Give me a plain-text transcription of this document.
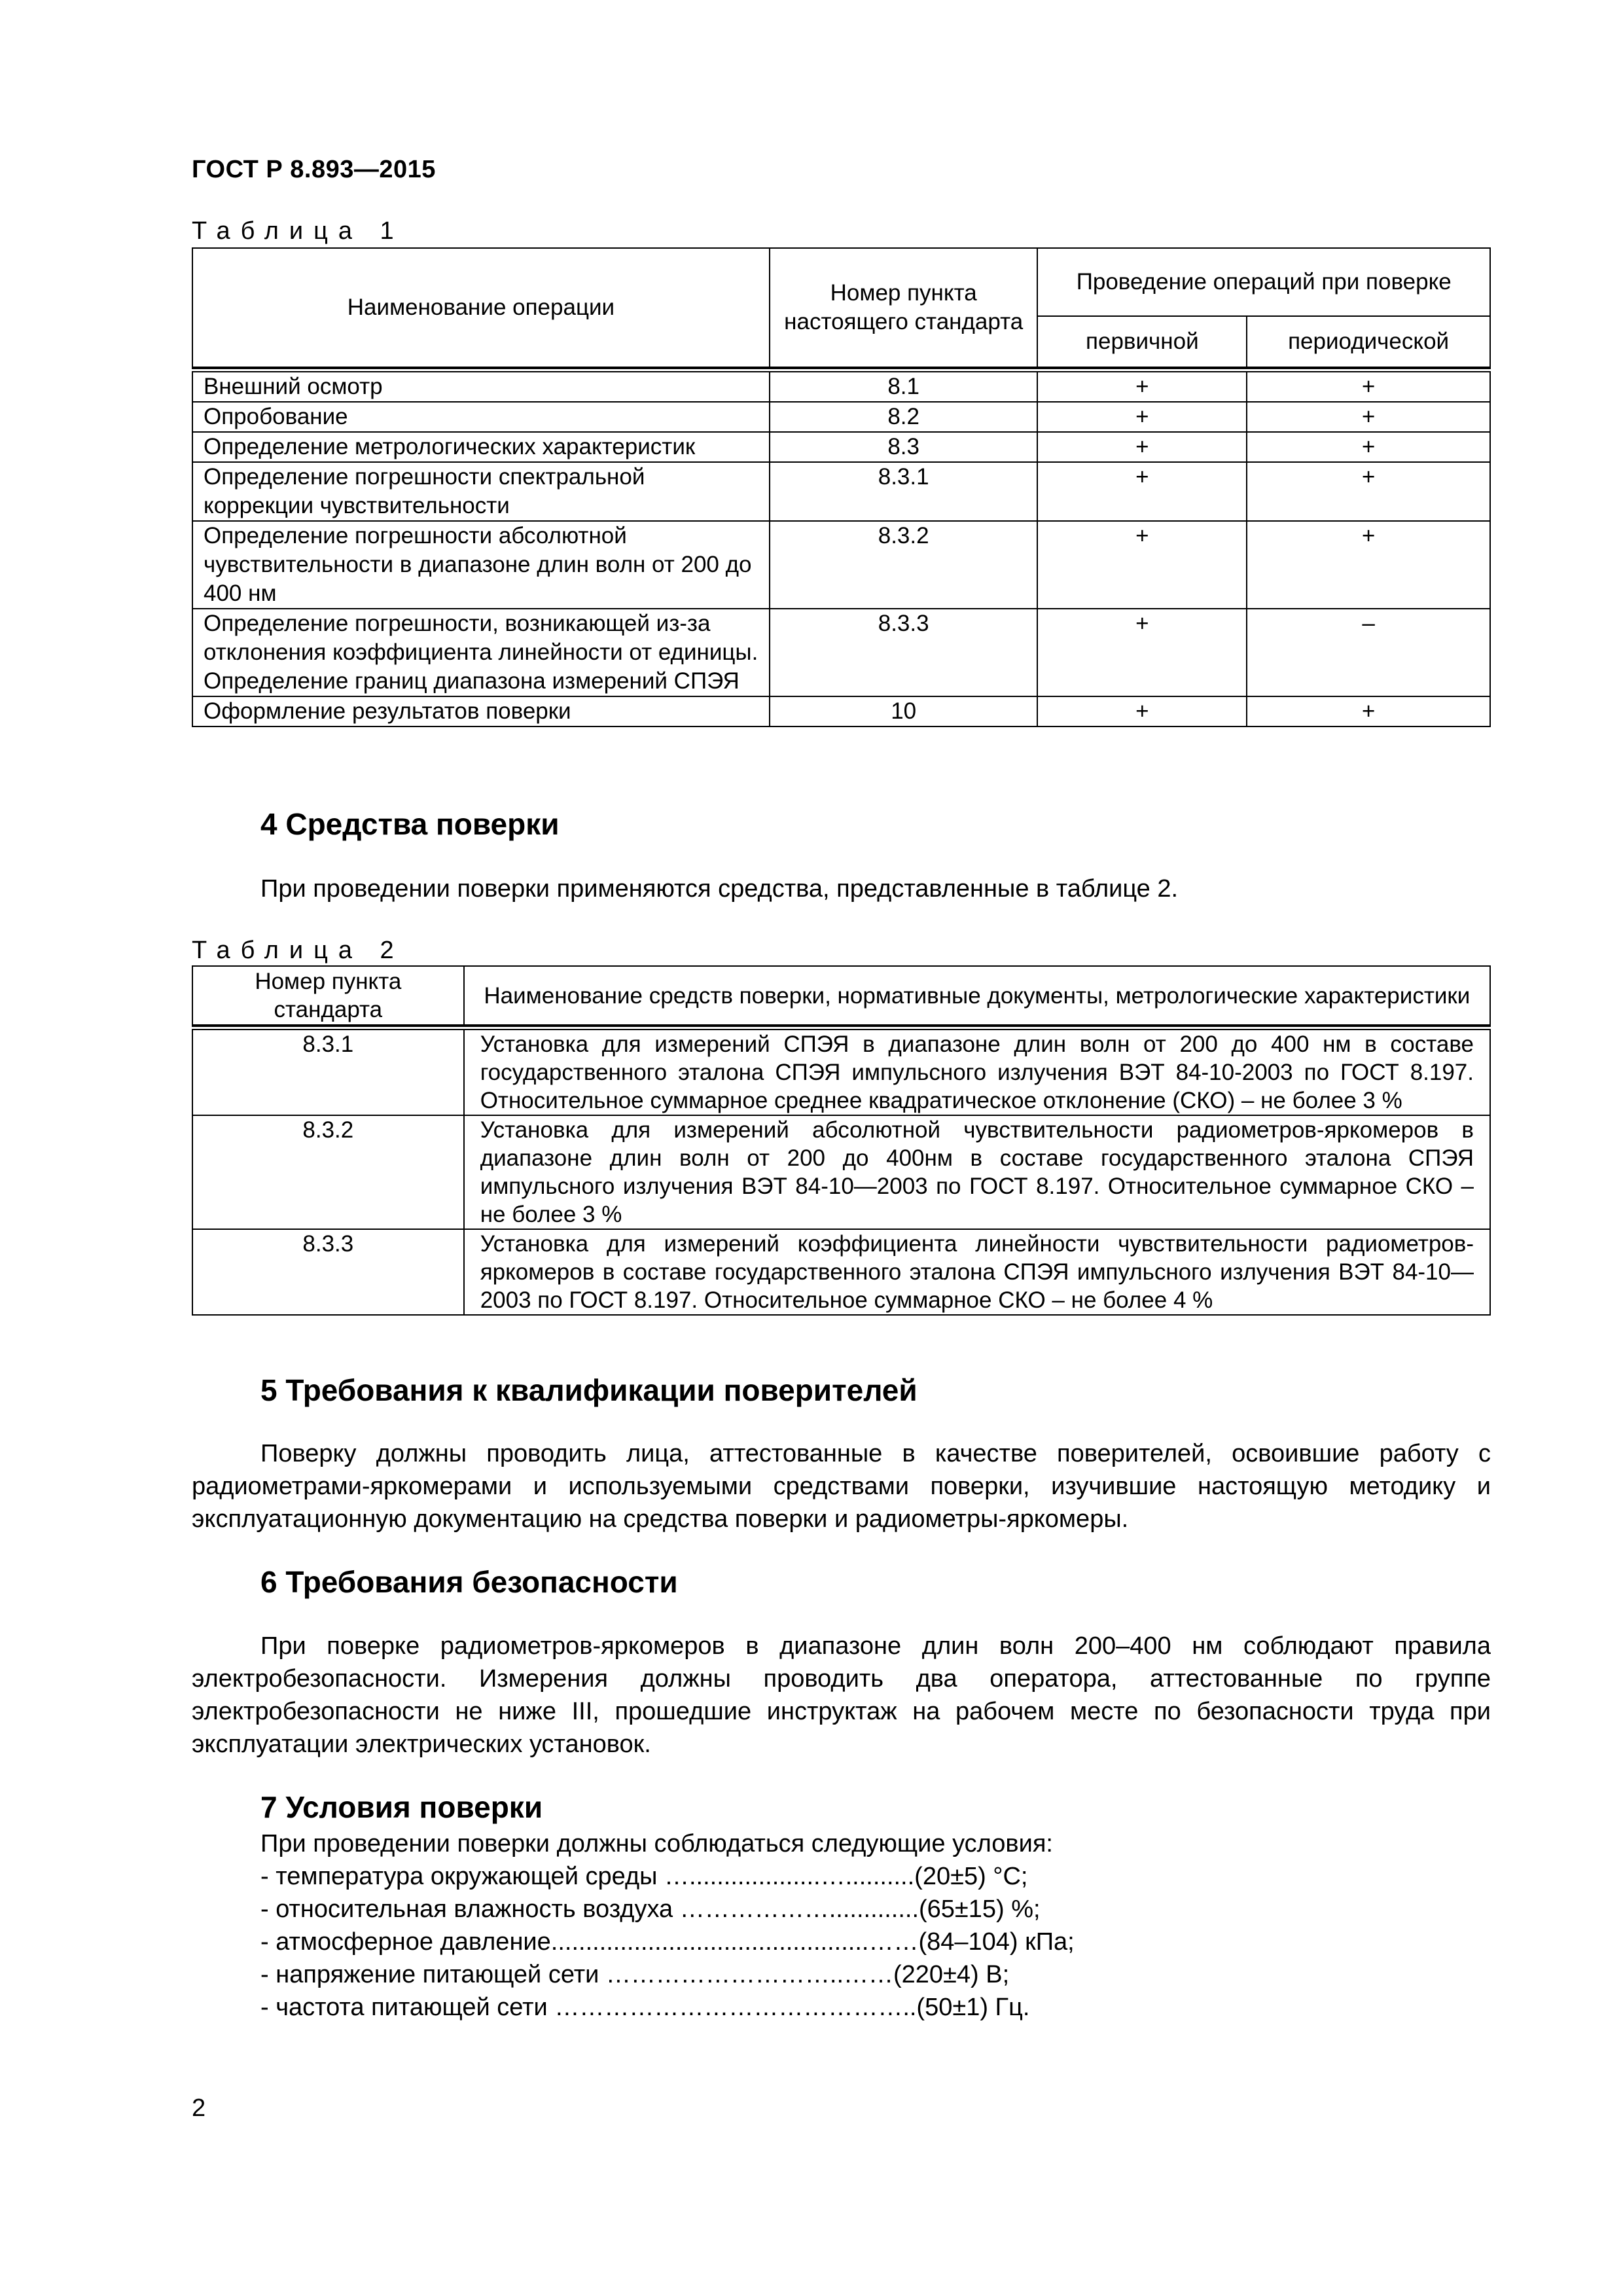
ГОСТ Р 8.893—2015
Таблица 1
Наименование операции	Номер пункта настоящего стандарта	Проведение операций при поверке	
		первичной	периодической

Внешний осмотр	8.1	+	+
Опробование	8.2	+	+
Определение метрологических характеристик	8.3	+	+
Определение погрешности спектральной коррекции чувствительности	8.3.1	+	+
Определение погрешности абсолютной чувствительности в диапазоне длин волн от 200 до 400 нм	8.3.2	+	+
Определение погрешности, возникающей из-за отклонения коэффициента линейности от единицы. Определение границ диапазона измерений СПЭЯ	8.3.3	+	–
Оформление результатов поверки	10	+	+
4 Средства поверки
При проведении поверки применяются средства, представленные в таблице 2.
Таблица 2
Номер пункта стандарта	Наименование средств поверки, нормативные документы, метрологические характеристики

8.3.1	Установка для измерений СПЭЯ в диапазоне длин волн от 200 до 400 нм в составе государственного эталона СПЭЯ импульсного излучения ВЭТ 84-10-2003 по ГОСТ 8.197. Относительное суммарное среднее квадратическое отклонение (СКО) – не более 3 %
8.3.2	Установка для измерений абсолютной чувствительности радиометров-яркомеров в диапазоне длин волн от 200 до 400нм в составе государственного эталона СПЭЯ импульсного излучения ВЭТ 84-10—2003 по ГОСТ 8.197. Относительное суммарное СКО – не более 3 %
8.3.3	Установка для измерений коэффициента линейности чувствительности радиометров-яркомеров в составе государственного эталона СПЭЯ импульсного излучения ВЭТ 84-10—2003 по ГОСТ 8.197. Относительное суммарное СКО – не более 4 %
5 Требования к квалификации поверителей
Поверку должны проводить лица, аттестованные в качестве поверителей, освоившие работу с радиометрами-яркомерами и используемыми средствами поверки, изучившие настоящую методику и эксплуатационную документацию на средства поверки и радиометры-яркомеры.
6 Требования безопасности
При поверке радиометров-яркомеров в диапазоне длин волн 200–400 нм соблюдают правила электробезопасности. Измерения должны проводить два оператора, аттестованные по группе электробезопасности не ниже III, прошедшие инструктаж на рабочем месте по безопасности труда при эксплуатации электрических установок.
7 Условия поверки
При проведении поверки должны соблюдаться следующие условия:
- температура окружающей среды …...................…..........(20±5) °С;
- относительная влажность воздуха ……………….............(65±15) %;
- атмосферное давление..............................................……(84–104) кПа;
- напряжение питающей сети ………………………..……(220±4) В;
- частота питающей сети ……………………………………..(50±1) Гц.
2
